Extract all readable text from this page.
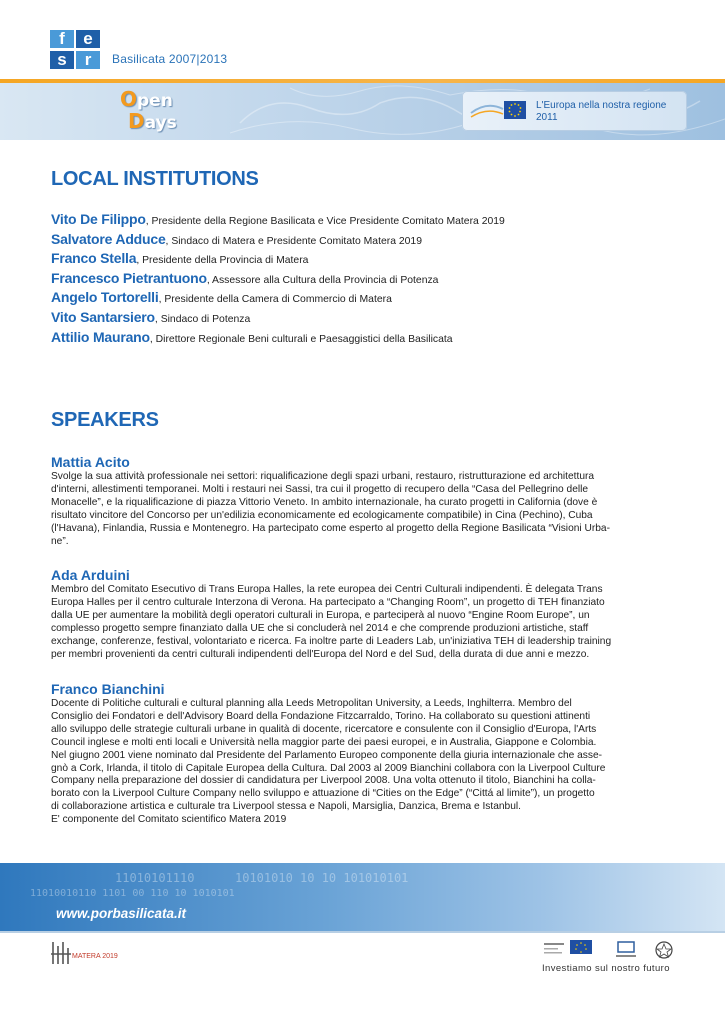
f	e
s	r	Basilicata 2007|2013
Open
Days
L'Europa nella nostra regione
2011
LOCAL INSTITUTIONS
Vito De Filippo, Presidente della Regione Basilicata e Vice Presidente Comitato Matera 2019
Salvatore Adduce, Sindaco di Matera e Presidente Comitato Matera 2019
Franco Stella, Presidente della Provincia di Matera
Francesco Pietrantuono, Assessore alla Cultura della Provincia di Potenza
Angelo Tortorelli, Presidente della Camera di Commercio di Matera
Vito Santarsiero, Sindaco di Potenza
Attilio Maurano, Direttore Regionale Beni culturali e Paesaggistici della Basilicata
SPEAKERS
Mattia Acito
Svolge la sua attività professionale nei settori: riqualificazione degli spazi urbani, restauro, ristrutturazione ed architettura
d'interni, allestimenti temporanei. Molti i restauri nei Sassi, tra cui il progetto di recupero della “Casa del Pellegrino delle
Monacelle”, e la riqualificazione di piazza Vittorio Veneto. In ambito internazionale, ha curato progetti in California (dove è
risultato vincitore del Concorso per un'edilizia economicamente ed ecologicamente compatibile) in Cina (Pechino), Cuba
(l'Havana), Finlandia, Russia e Montenegro. Ha partecipato come esperto al progetto della Regione Basilicata “Visioni Urba-
ne”.
Ada Arduini
Membro del Comitato Esecutivo di Trans Europa Halles, la rete europea dei Centri Culturali indipendenti. È delegata Trans
Europa Halles per il centro culturale Interzona di Verona. Ha partecipato a “Changing Room”, un progetto di TEH finanziato
dalla UE per aumentare la mobilità degli operatori culturali in Europa, e parteciperà al nuovo “Engine Room Europe”, un
complesso progetto sempre finanziato dalla UE che si concluderà nel 2014 e che comprende produzioni artistiche, staff
exchange, conferenze, festival, volontariato e ricerca. Fa inoltre parte di Leaders Lab, un'iniziativa TEH di leadership training
per membri provenienti da centri culturali indipendenti dell'Europa del Nord e del Sud, della durata di due anni e mezzo.
Franco Bianchini
Docente di Politiche culturali e cultural planning alla Leeds Metropolitan University, a Leeds, Inghilterra. Membro del
Consiglio dei Fondatori e dell'Advisory Board della Fondazione Fitzcarraldo, Torino. Ha collaborato su questioni attinenti
allo sviluppo delle strategie culturali urbane in qualità di docente, ricercatore e consulente con il Consiglio d'Europa, l'Arts
Council inglese e molti enti locali e Università nella maggior parte dei paesi europei, e in Australia, Giappone e Colombia.
Nel giugno 2001 viene nominato dal Presidente del Parlamento Europeo componente della giuria internazionale che asse-
gnò a Cork, Irlanda, il titolo di Capitale Europea della Cultura. Dal 2003 al 2009 Bianchini collabora con la Liverpool Culture
Company nella preparazione del dossier di candidatura per Liverpool 2008. Una volta ottenuto il titolo, Bianchini ha colla-
borato con la Liverpool Culture Company nello sviluppo e attuazione di “Cities on the Edge” (“Cittá al limite”), un progetto
di collaborazione artistica e culturale tra Liverpool stessa e Napoli, Marsiglia, Danzica, Brema e Istanbul.
E' componente del Comitato scientifico Matera 2019
11010101110	10101010 10 10 101010101
11010010110 1101 00 110 10 1010101
www.porbasilicata.it
MATERA 2019
Investiamo sul nostro futuro
